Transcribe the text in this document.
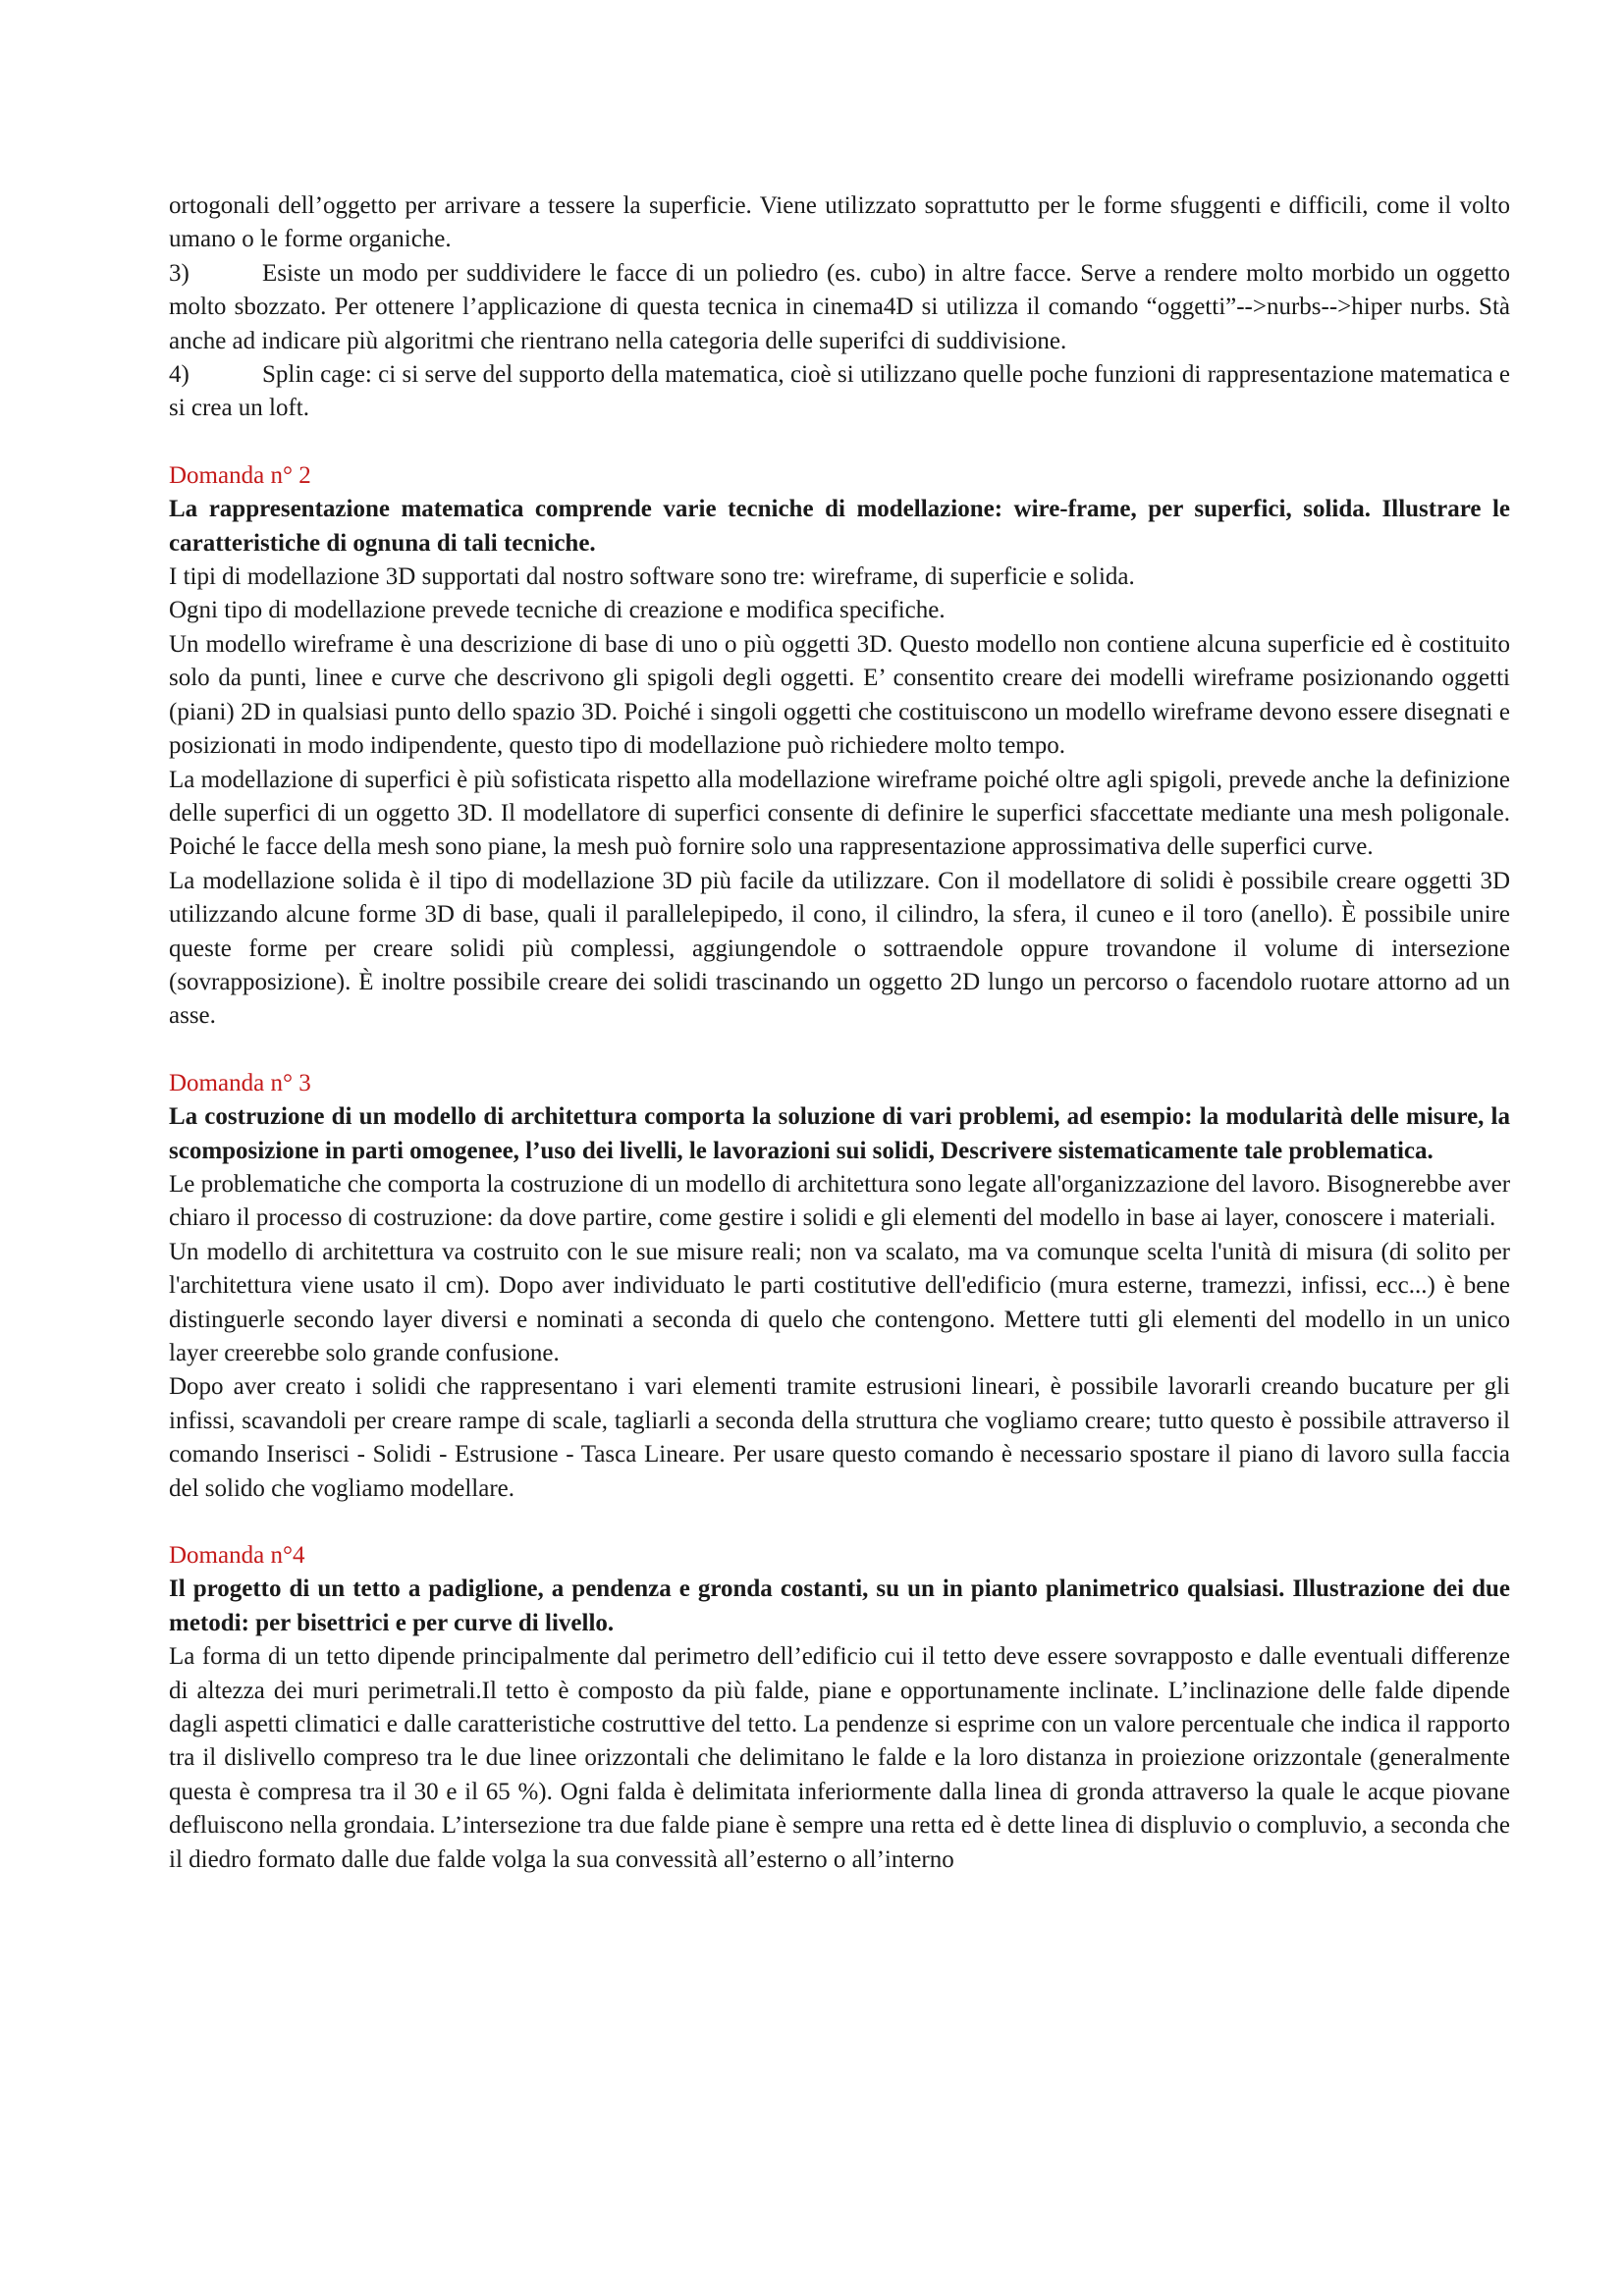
ortogonali dell’oggetto per arrivare a tessere la superficie. Viene utilizzato soprattutto per le forme sfuggenti e difficili, come il volto umano o le forme organiche.

3)	Esiste un modo per suddividere le facce di un poliedro (es. cubo) in altre facce. Serve a rendere molto morbido un oggetto molto sbozzato. Per ottenere l’applicazione di questa tecnica in cinema4D si utilizza il comando “oggetti”-->nurbs-->hiper nurbs. Stà anche ad indicare più algoritmi che rientrano nella categoria delle superifci di suddivisione.

4)	Splin cage: ci si serve del supporto della matematica, cioè si utilizzano quelle poche funzioni di rappresentazione matematica e si crea un loft.

Domanda n° 2

La rappresentazione matematica comprende varie tecniche di modellazione: wire-frame, per superfici, solida. Illustrare le caratteristiche di ognuna di tali tecniche.

I tipi di modellazione 3D supportati dal nostro software sono tre: wireframe, di superficie e solida.

Ogni tipo di modellazione prevede tecniche di creazione e modifica specifiche.

Un modello wireframe è una descrizione di base di uno o più oggetti 3D. Questo modello non contiene alcuna superficie ed è costituito solo da punti, linee e curve che descrivono gli spigoli degli oggetti. E’ consentito creare dei modelli wireframe posizionando oggetti (piani) 2D in qualsiasi punto dello spazio 3D. Poiché i singoli oggetti che costituiscono un modello wireframe devono essere disegnati e posizionati in modo indipendente, questo tipo di modellazione può richiedere molto tempo.

La modellazione di superfici è più sofisticata rispetto alla modellazione wireframe poiché oltre agli spigoli, prevede anche la definizione delle superfici di un oggetto 3D. Il modellatore di superfici consente di definire le superfici sfaccettate mediante una mesh poligonale. Poiché le facce della mesh sono piane, la mesh può fornire solo una rappresentazione approssimativa delle superfici curve.

La modellazione solida è il tipo di modellazione 3D più facile da utilizzare. Con il modellatore di solidi è possibile creare oggetti 3D utilizzando alcune forme 3D di base, quali il parallelepipedo, il cono, il cilindro, la sfera, il cuneo e il toro (anello). È possibile unire queste forme per creare solidi più complessi, aggiungendole o sottraendole oppure trovandone il volume di intersezione (sovrapposizione). È inoltre possibile creare dei solidi trascinando un oggetto 2D lungo un percorso o facendolo ruotare attorno ad un asse.

Domanda n° 3

La costruzione di un modello di architettura comporta la soluzione di vari problemi, ad esempio: la modularità delle misure, la scomposizione in parti omogenee, l’uso dei livelli, le lavorazioni sui solidi, Descrivere sistematicamente tale problematica.

Le problematiche che comporta la costruzione di un modello di architettura sono legate all'organizzazione del lavoro. Bisognerebbe aver chiaro il processo di costruzione: da dove partire, come gestire i solidi e gli elementi del modello in base ai layer, conoscere i materiali.

Un modello di architettura va costruito con le sue misure reali; non va scalato, ma va comunque scelta l'unità di misura (di solito per l'architettura viene usato il cm). Dopo aver individuato le parti costitutive dell'edificio (mura esterne, tramezzi, infissi, ecc...) è bene distinguerle secondo layer diversi e nominati a seconda di quelo che contengono. Mettere tutti gli elementi del modello in un unico layer creerebbe solo grande confusione.

Dopo aver creato i solidi che rappresentano i vari elementi tramite estrusioni lineari, è possibile lavorarli creando bucature per gli infissi, scavandoli per creare rampe di scale, tagliarli a seconda della struttura che vogliamo creare; tutto questo è possibile attraverso il comando Inserisci - Solidi - Estrusione - Tasca Lineare. Per usare questo comando è necessario spostare il piano di lavoro sulla faccia del solido che vogliamo modellare.

Domanda n°4

Il progetto di un tetto a padiglione, a pendenza e gronda costanti, su un in pianto planimetrico qualsiasi. Illustrazione dei due metodi: per bisettrici e per curve di livello.

La forma di un tetto dipende principalmente dal perimetro dell’edificio cui il tetto deve essere sovrapposto e dalle eventuali differenze di altezza dei muri perimetrali.Il tetto è composto da più falde, piane e opportunamente inclinate. L’inclinazione delle falde dipende dagli aspetti climatici e dalle caratteristiche costruttive del tetto. La pendenze si esprime con un valore percentuale che indica il rapporto tra il dislivello compreso tra le due linee orizzontali che delimitano le falde e la loro distanza in proiezione orizzontale (generalmente questa è compresa tra il 30 e il 65 %). Ogni falda è delimitata inferiormente dalla linea di gronda attraverso la quale le acque piovane defluiscono nella grondaia. L’intersezione tra due falde piane è sempre una retta ed è dette linea di displuvio o compluvio, a seconda che il diedro formato dalle due falde volga la sua convessità all’esterno o all’interno
